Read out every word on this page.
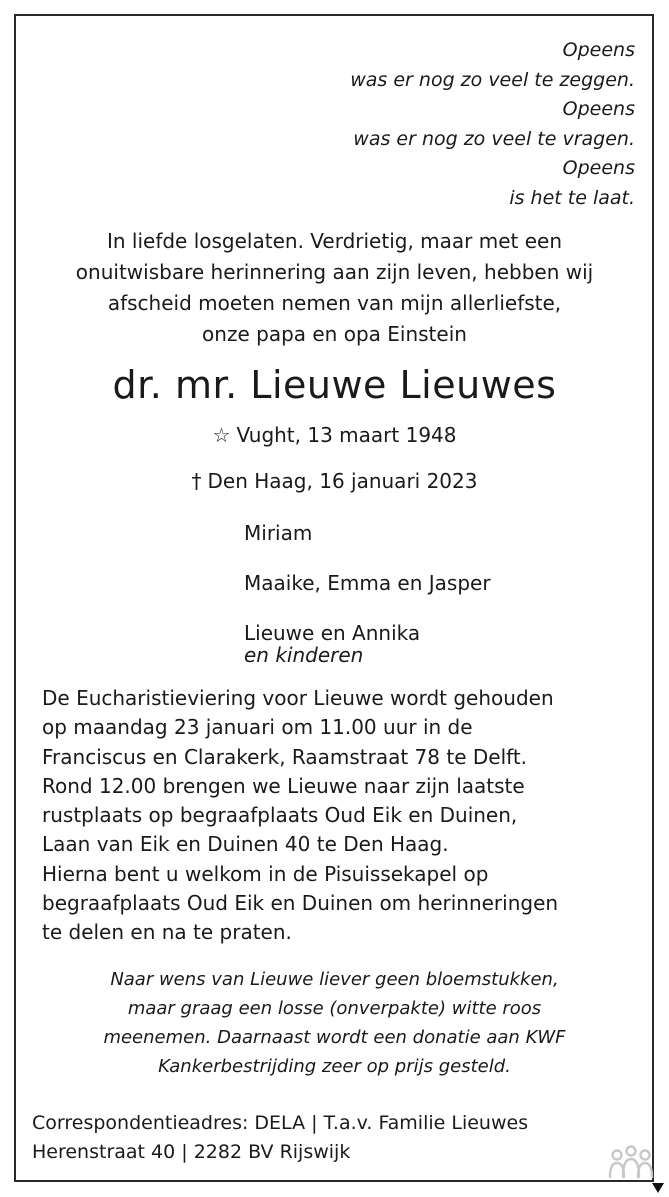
Opeens
was er nog zo veel te zeggen.
Opeens
was er nog zo veel te vragen.
Opeens
is het te laat.
In liefde losgelaten. Verdrietig, maar met een
onuitwisbare herinnering aan zijn leven, hebben wij
afscheid moeten nemen van mijn allerliefste,
onze papa en opa Einstein
dr. mr. Lieuwe Lieuwes
☆ Vught, 13 maart 1948
† Den Haag, 16 januari 2023
Miriam
Maaike, Emma en Jasper
Lieuwe en Annika
en kinderen
De Eucharistieviering voor Lieuwe wordt gehouden
op maandag 23 januari om 11.00 uur in de
Franciscus en Clarakerk, Raamstraat 78 te Delft.
Rond 12.00 brengen we Lieuwe naar zijn laatste
rustplaats op begraafplaats Oud Eik en Duinen,
Laan van Eik en Duinen 40 te Den Haag.
Hierna bent u welkom in de Pisuissekapel op
begraafplaats Oud Eik en Duinen om herinneringen
te delen en na te praten.
Naar wens van Lieuwe liever geen bloemstukken,
maar graag een losse (onverpakte) witte roos
meenemen. Daarnaast wordt een donatie aan KWF
Kankerbestrijding zeer op prijs gesteld.
Correspondentieadres: DELA | T.a.v. Familie Lieuwes
Herenstraat 40 | 2282 BV Rijswijk
